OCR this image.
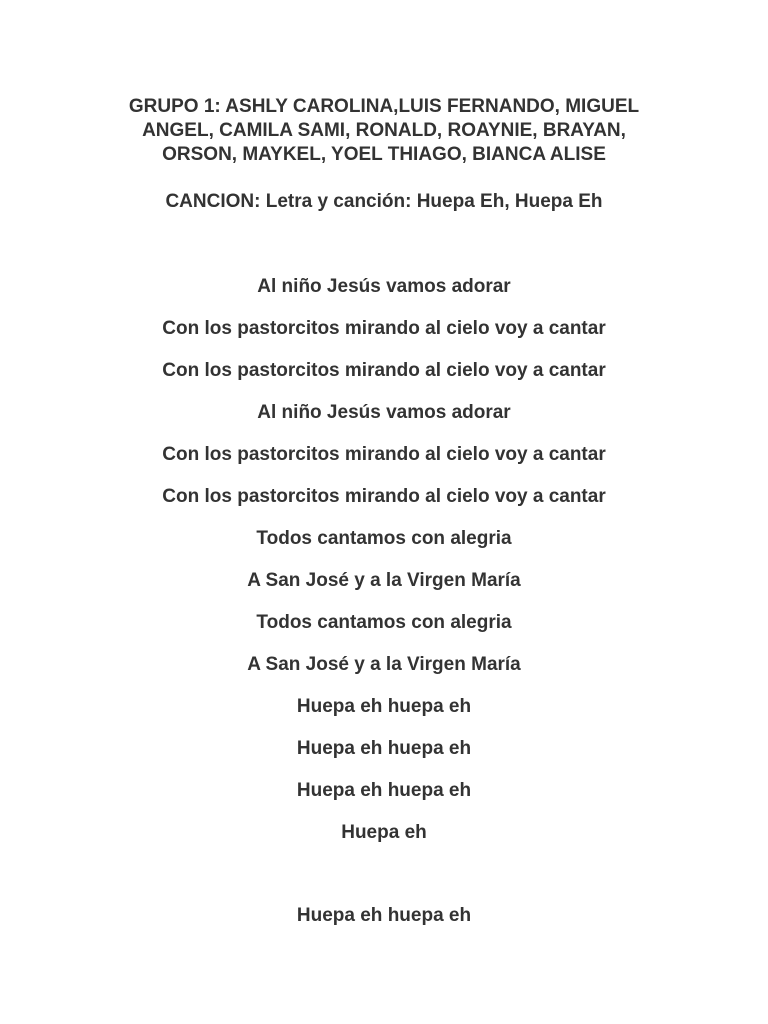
GRUPO 1: ASHLY CAROLINA,LUIS FERNANDO, MIGUEL
ANGEL, CAMILA SAMI, RONALD, ROAYNIE, BRAYAN,
ORSON, MAYKEL, YOEL THIAGO, BIANCA ALISE
CANCION: Letra y canción: Huepa Eh, Huepa Eh
Al niño Jesús vamos adorar
Con los pastorcitos mirando al cielo voy a cantar
Con los pastorcitos mirando al cielo voy a cantar
Al niño Jesús vamos adorar
Con los pastorcitos mirando al cielo voy a cantar
Con los pastorcitos mirando al cielo voy a cantar
Todos cantamos con alegria
A San José y a la Virgen María
Todos cantamos con alegria
A San José y a la Virgen María
Huepa eh huepa eh
Huepa eh huepa eh
Huepa eh huepa eh
Huepa eh
Huepa eh huepa eh
